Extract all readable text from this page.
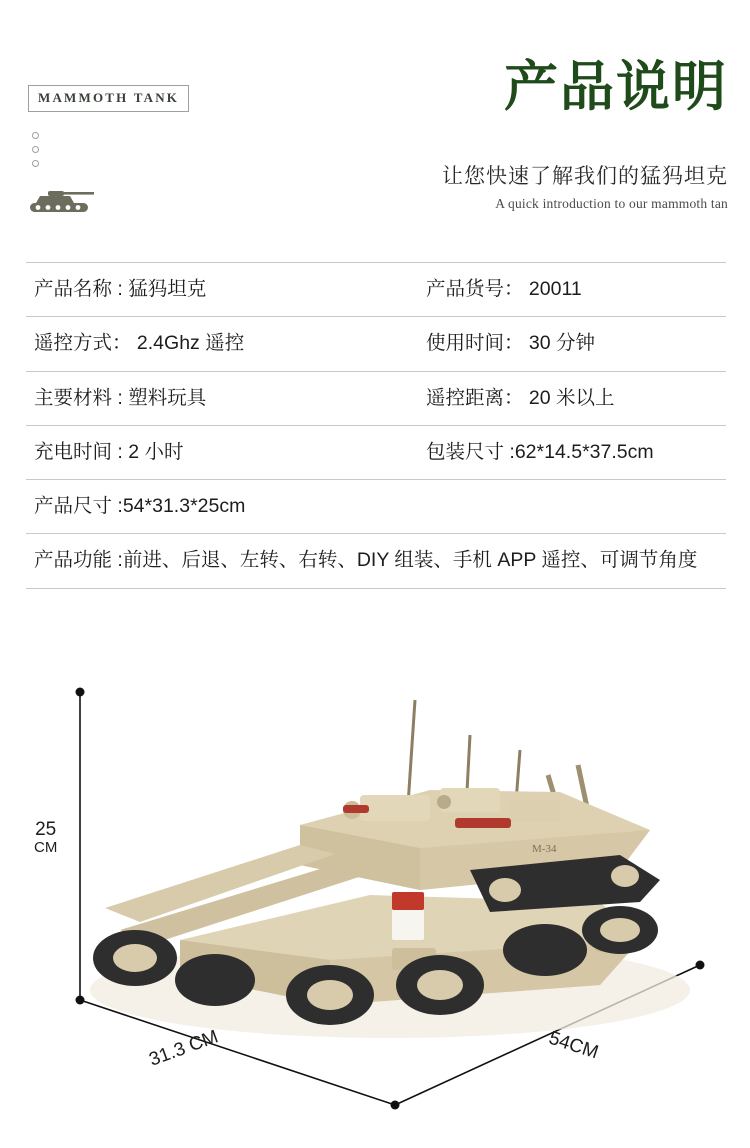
MAMMOTH TANK	产品说明
让您快速了解我们的猛犸坦克
A quick introduction to our mammoth tan
产品名称 : 猛犸坦克	产品货号： 20011
遥控方式： 2.4Ghz 遥控	使用时间： 30 分钟
主要材料 : 塑料玩具	遥控距离： 20 米以上
充电时间 : 2 小时	包装尺寸 :62*14.5*37.5cm
产品尺寸 :54*31.3*25cm
产品功能 : 前进、后退、左转、右转、DIY 组装、手机 APP 遥控、可调节角度
M-34
25
CM
31.3 CM	54CM
